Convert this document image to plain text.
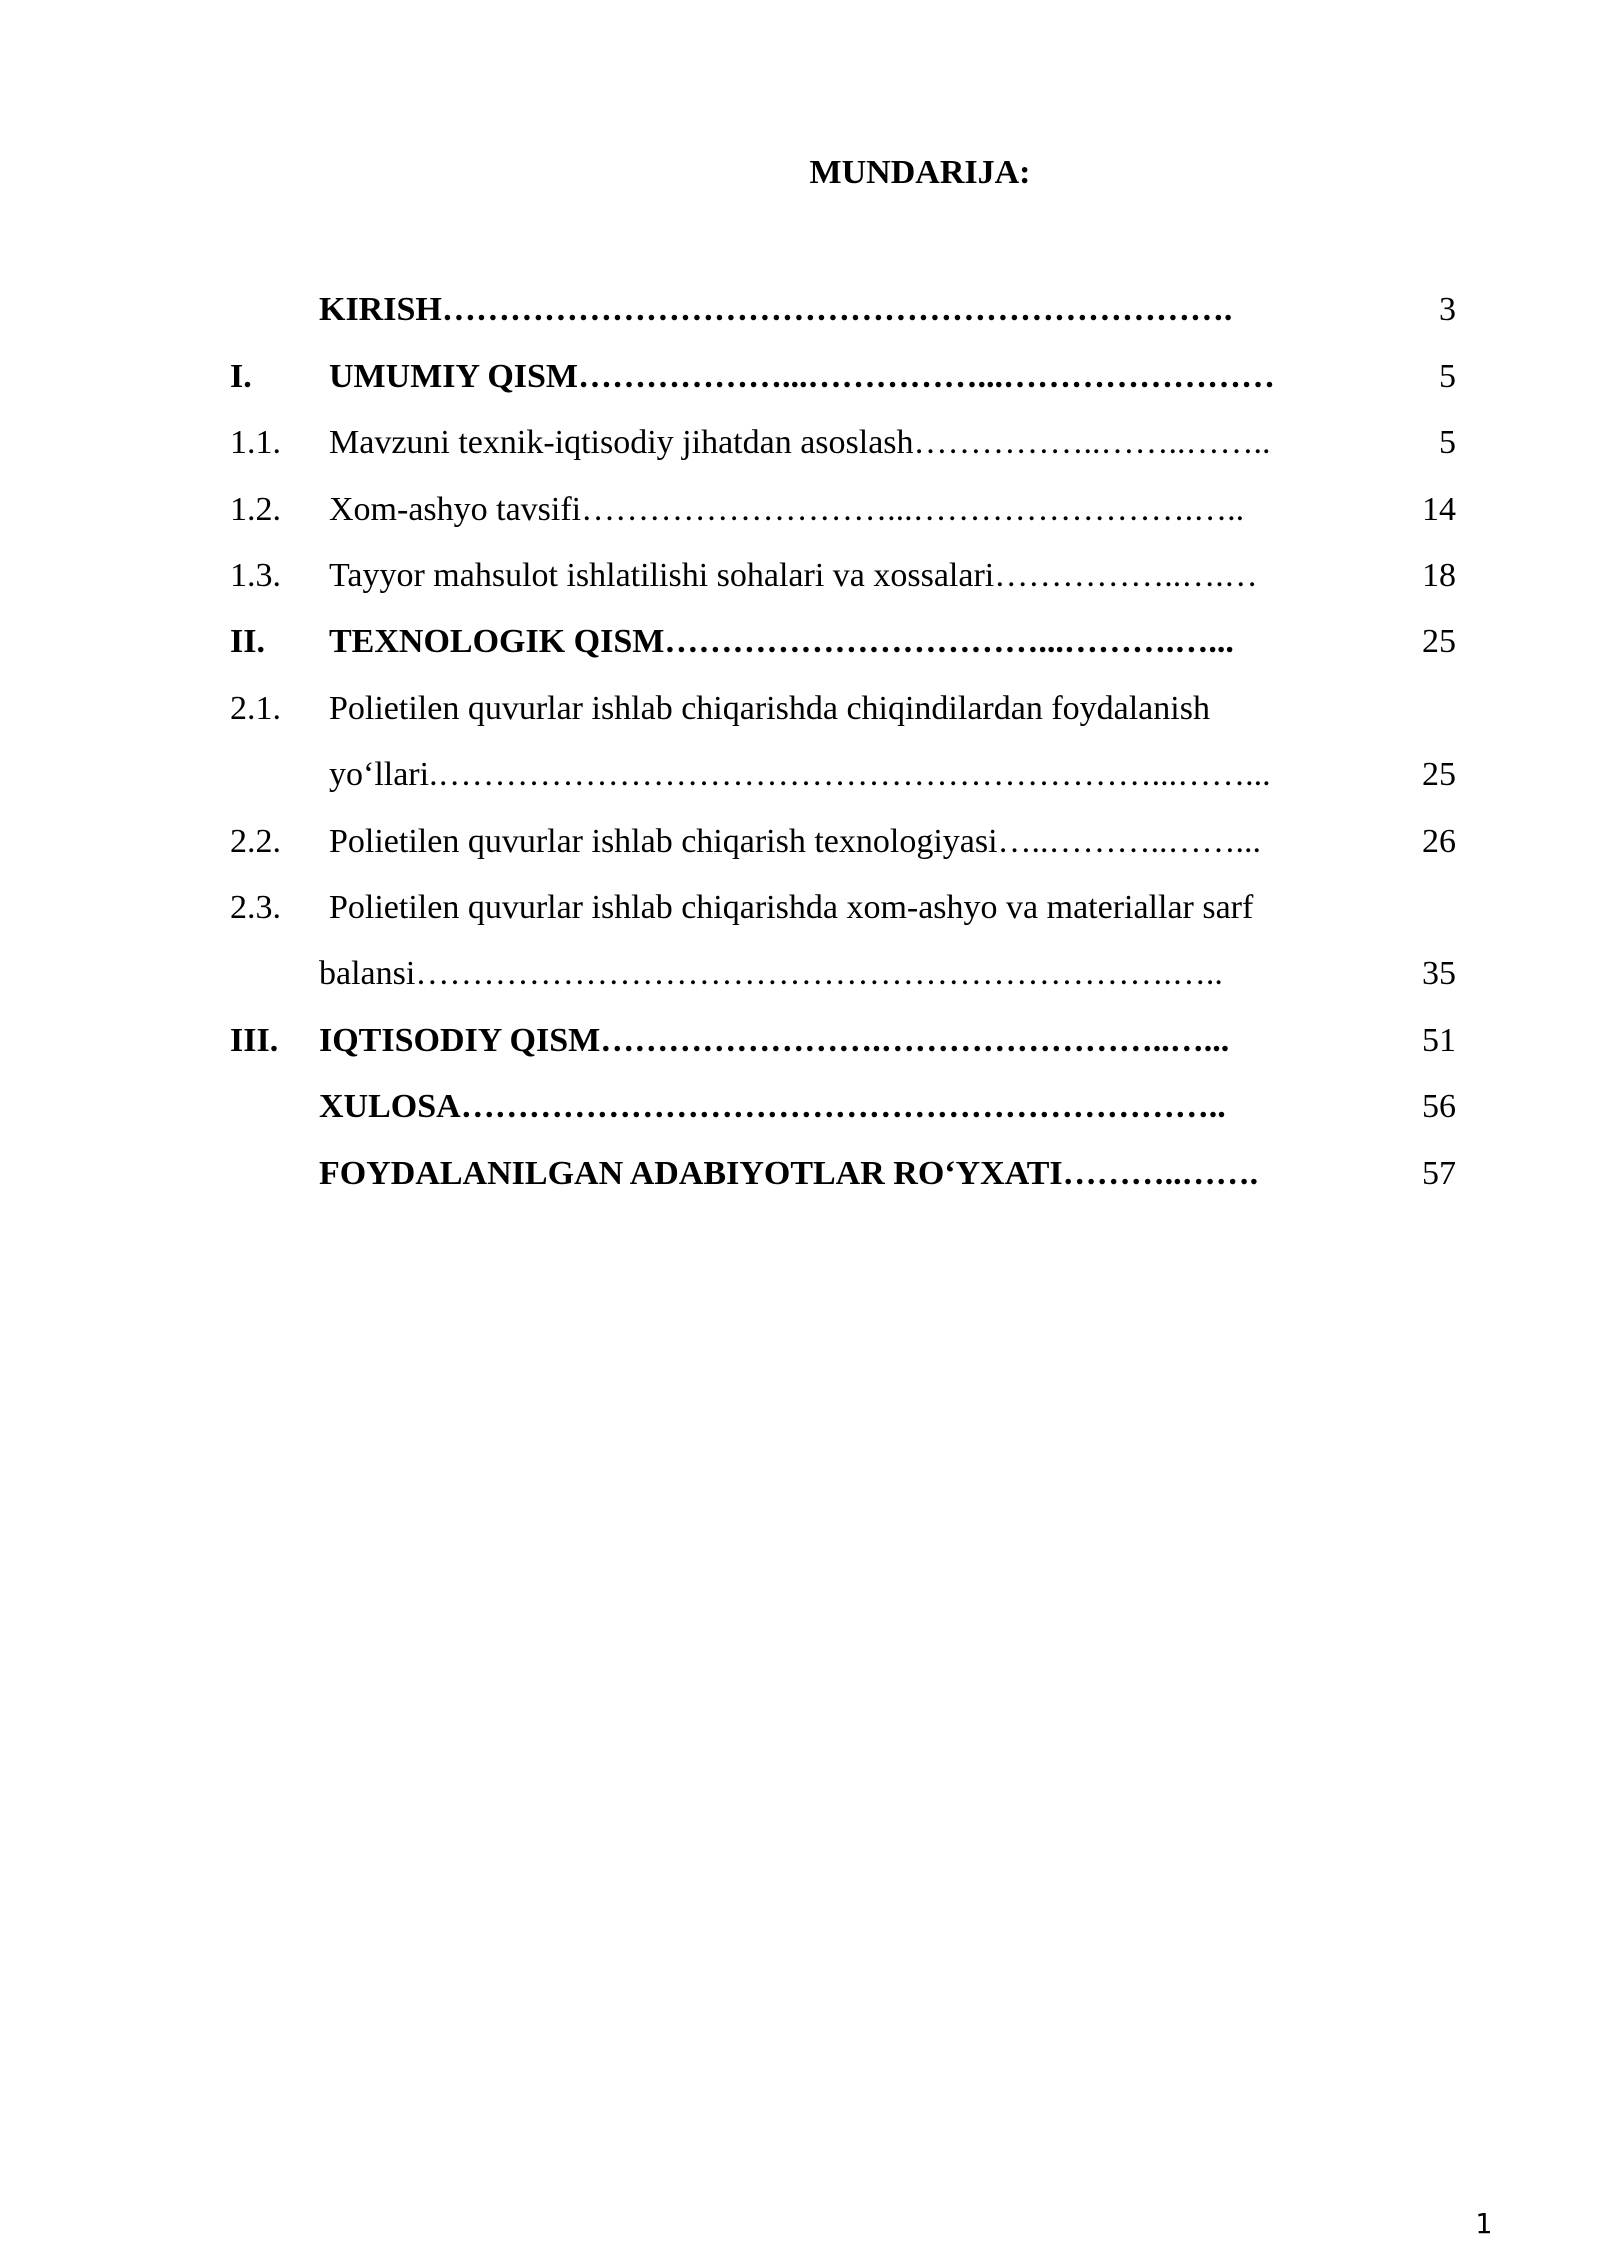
MUNDARIJA:
KIRISH…………………………………………………………….	3
I. UMUMIY QISM………………...……………...……………………	5
1.1. Mavzuni texnik-iqtisodiy jihatdan asoslash……………..……..……..	5
1.2. Xom-ashyo tavsifi………………………...…………………….…..	14
1.3. Tayyor mahsulot ishlatilishi sohalari va xossalari……………..….…	18
II. TEXNOLOGIK QISM……………………………...……….…...	25
2.1. Polietilen quvurlar ishlab chiqarishda chiqindilardan foydalanish
yo‘llari.………………………………………………………...……...	25
2.2. Polietilen quvurlar ishlab chiqarish texnologiyasi…..………..……...	26
2.3. Polietilen quvurlar ishlab chiqarishda xom-ashyo va materiallar sarf
balansi………………………………………………………….…..	35
III. IQTISODIY QISM…………………….……………………..…...	51
XULOSA…………………………………………………………..	56
FOYDALANILGAN ADABIYOTLAR RO‘YXATI………..…….	57
1
